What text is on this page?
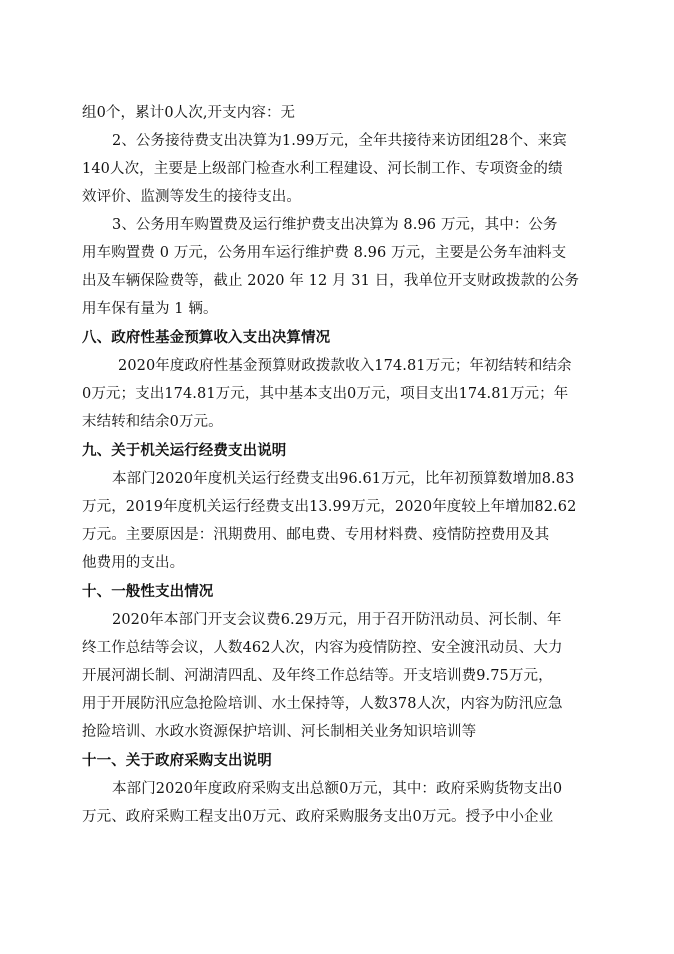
组0个，累计0人次,开支内容：无
2、公务接待费支出决算为1.99万元，全年共接待来访团组28个、来宾
140人次，主要是上级部门检查水利工程建设、河长制工作、专项资金的绩
效评价、监测等发生的接待支出。
3、公务用车购置费及运行维护费支出决算为 8.96 万元，其中：公务
用车购置费 0 万元，公务用车运行维护费 8.96 万元，主要是公务车油料支
出及车辆保险费等，截止 2020 年 12 月 31 日，我单位开支财政拨款的公务
用车保有量为 1 辆。
八、政府性基金预算收入支出决算情况
2020年度政府性基金预算财政拨款收入174.81万元；年初结转和结余
0万元；支出174.81万元，其中基本支出0万元，项目支出174.81万元；年
末结转和结余0万元。
九、关于机关运行经费支出说明
本部门2020年度机关运行经费支出96.61万元，比年初预算数增加8.83
万元，2019年度机关运行经费支出13.99万元，2020年度较上年增加82.62
万元。主要原因是：汛期费用、邮电费、专用材料费、疫情防控费用及其
他费用的支出。
十、一般性支出情况
2020年本部门开支会议费6.29万元，用于召开防汛动员、河长制、年
终工作总结等会议，人数462人次，内容为疫情防控、安全渡汛动员、大力
开展河湖长制、河湖清四乱、及年终工作总结等。开支培训费9.75万元，
用于开展防汛应急抢险培训、水土保持等，人数378人次，内容为防汛应急
抢险培训、水政水资源保护培训、河长制相关业务知识培训等
十一、关于政府采购支出说明
本部门2020年度政府采购支出总额0万元，其中：政府采购货物支出0
万元、政府采购工程支出0万元、政府采购服务支出0万元。授予中小企业
